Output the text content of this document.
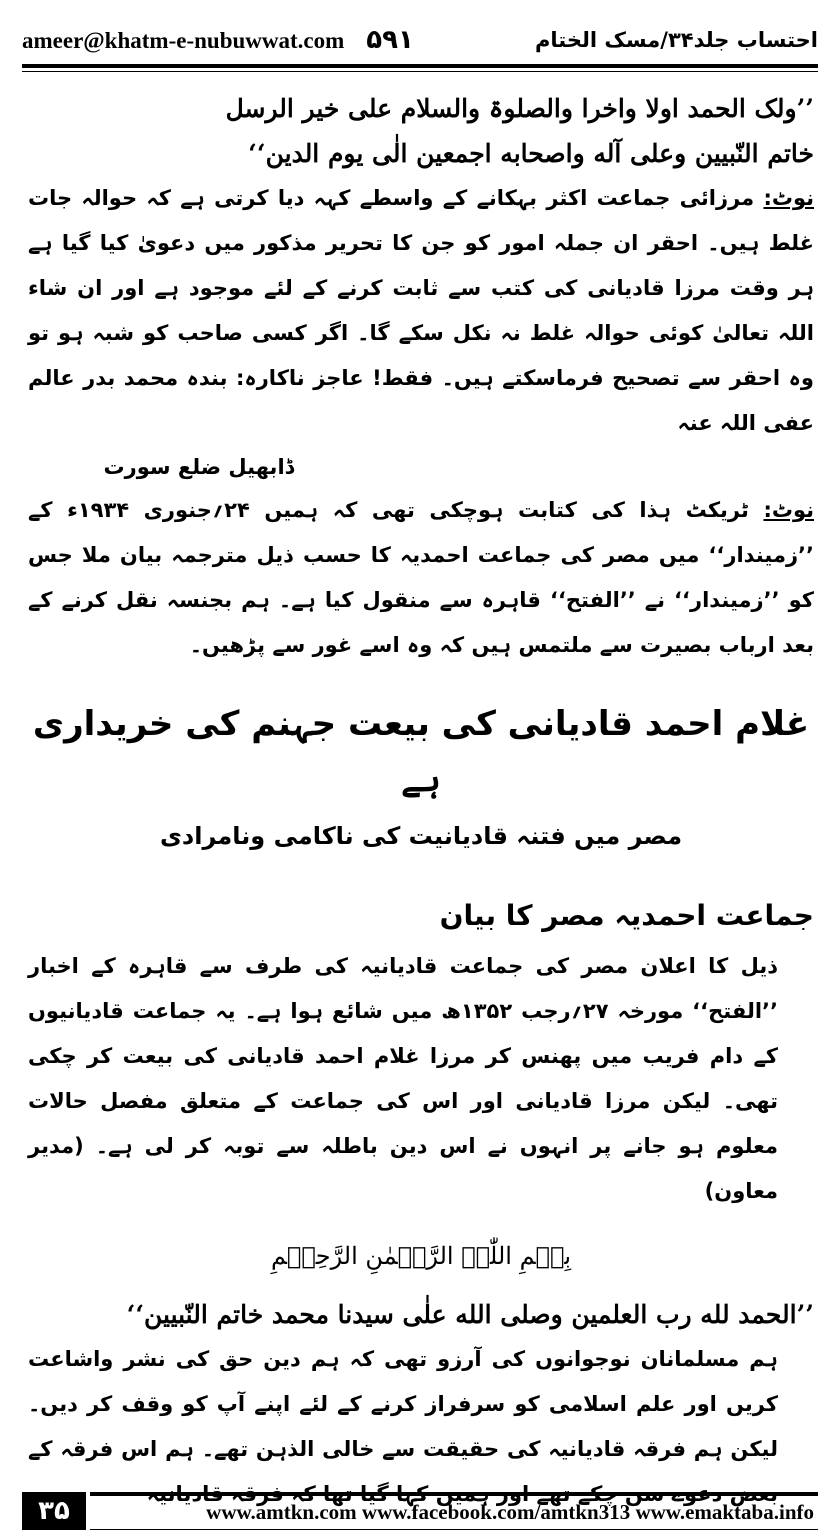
ameer@khatm-e-nubuwwat.com ۵۹۱	احتساب جلد۳۴/مسک الختام

’’ولک الحمد اولا واخرا والصلوۃ والسلام علی خیر الرسل

خاتم النّبیین وعلی آله واصحابه اجمعین الٰی یوم الدین‘‘

نوٹ: مرزائی جماعت اکثر بہکانے کے واسطے کہہ دیا کرتی ہے کہ حوالہ جات غلط ہیں۔ احقر ان جملہ امور کو جن کا تحریر مذکور میں دعویٰ کیا گیا ہے ہر وقت مرزا قادیانی کی کتب سے ثابت کرنے کے لئے موجود ہے اور ان شاء اللہ تعالیٰ کوئی حوالہ غلط نہ نکل سکے گا۔ اگر کسی صاحب کو شبہ ہو تو وہ احقر سے تصحیح فرماسکتے ہیں۔ فقط! عاجز ناکارہ: بندہ محمد بدر عالم عفی اللہ عنہ

ڈابھیل ضلع سورت

نوٹ: ٹریکٹ ہذا کی کتابت ہوچکی تھی کہ ہمیں ۲۴؍جنوری ۱۹۳۴ء کے ’’زمیندار‘‘ میں مصر کی جماعت احمدیہ کا حسب ذیل مترجمہ بیان ملا جس کو ’’زمیندار‘‘ نے ’’الفتح‘‘ قاہرہ سے منقول کیا ہے۔ ہم بجنسہ نقل کرنے کے بعد ارباب بصیرت سے ملتمس ہیں کہ وہ اسے غور سے پڑھیں۔

غلام احمد قادیانی کی بیعت جہنم کی خریداری ہے
مصر میں فتنہ قادیانیت کی ناکامی ونامرادی
جماعت احمدیہ مصر کا بیان

ذیل کا اعلان مصر کی جماعت قادیانیہ کی طرف سے قاہرہ کے اخبار ’’الفتح‘‘ مورخہ ۲۷؍رجب ۱۳۵۲ھ میں شائع ہوا ہے۔ یہ جماعت قادیانیوں کے دام فریب میں پھنس کر مرزا غلام احمد قادیانی کی بیعت کر چکی تھی۔ لیکن مرزا قادیانی اور اس کی جماعت کے متعلق مفصل حالات معلوم ہو جانے پر انہوں نے اس دین باطلہ سے توبہ کر لی ہے۔ (مدیر معاون)

بِسۡمِ اللّٰہِ الرَّحۡمٰنِ الرَّحِیۡمِ

’’الحمد لله رب العلمین وصلی الله علٰی سیدنا محمد خاتم النّبیین‘‘

ہم مسلمانان نوجوانوں کی آرزو تھی کہ ہم دین حق کی نشر واشاعت کریں اور علم اسلامی کو سرفراز کرنے کے لئے اپنے آپ کو وقف کر دیں۔ لیکن ہم فرقہ قادیانیہ کی حقیقت سے خالی الذہن تھے۔ ہم اس فرقہ کے بعض دعوے سن چکے تھے اور ہمیں کہا گیا تھا کہ فرقہ قادیانیہ

۳۵	www.amtkn.com www.facebook.com/amtkn313 www.emaktaba.info
